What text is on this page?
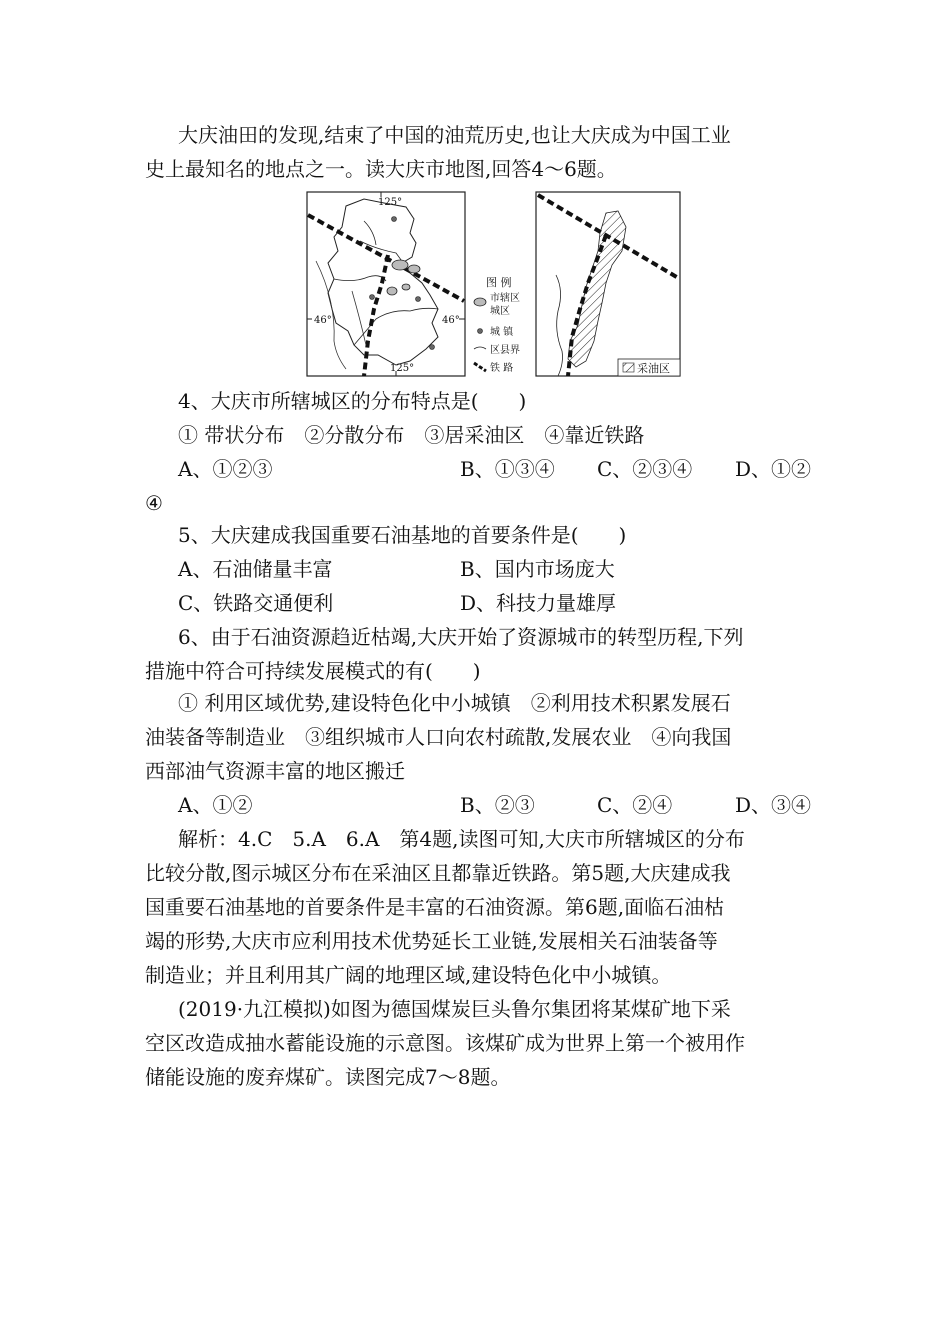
大庆油田的发现,结束了中国的油荒历史,也让大庆成为中国工业
史上最知名的地点之一。读大庆市地图,回答4～6题。
125°
125°
46°	46°
图 例
市辖区
城区
城 镇
区县界
铁 路	采油区
4、大庆市所辖城区的分布特点是(　　)
① 带状分布　②分散分布　③居采油区　④靠近铁路
A、①②③	B、①③④ C、②③④ D、①②
④
5、大庆建成我国重要石油基地的首要条件是(　　)
A、石油储量丰富	B、国内市场庞大
C、铁路交通便利	D、科技力量雄厚
6、由于石油资源趋近枯竭,大庆开始了资源城市的转型历程,下列
措施中符合可持续发展模式的有(　　)
① 利用区域优势,建设特色化中小城镇　②利用技术积累发展石
油装备等制造业　③组织城市人口向农村疏散,发展农业　④向我国
西部油气资源丰富的地区搬迁
A、①②	B、②③	C、②④	D、③④
解析：4.C　5.A　6.A　第4题,读图可知,大庆市所辖城区的分布
比较分散,图示城区分布在采油区且都靠近铁路。第5题,大庆建成我
国重要石油基地的首要条件是丰富的石油资源。第6题,面临石油枯
竭的形势,大庆市应利用技术优势延长工业链,发展相关石油装备等
制造业；并且利用其广阔的地理区域,建设特色化中小城镇。
(2019·九江模拟)如图为德国煤炭巨头鲁尔集团将某煤矿地下采
空区改造成抽水蓄能设施的示意图。该煤矿成为世界上第一个被用作
储能设施的废弃煤矿。读图完成7～8题。
